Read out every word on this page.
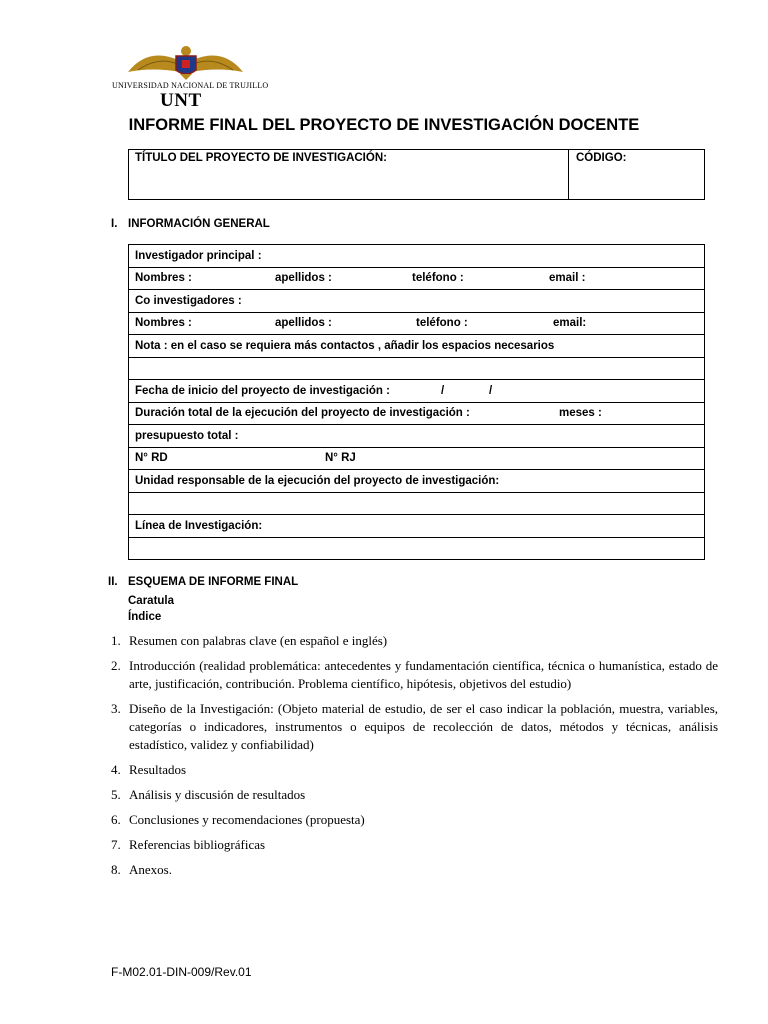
UNIVERSIDAD NACIONAL DE TRUJILLO
UNT
INFORME FINAL DEL PROYECTO DE INVESTIGACIÓN DOCENTE
TÍTULO DEL PROYECTO DE INVESTIGACIÓN:	CÓDIGO:
I. INFORMACIÓN GENERAL
Investigador principal :

Nombres :	apellidos :	teléfono :	email :

Co investigadores :

Nombres :	apellidos :	teléfono :	email:

Nota : en el caso se requiera más contactos , añadir los espacios necesarios

Fecha de inicio del proyecto de investigación :	/	/

Duración total de la ejecución del proyecto de investigación :	meses :

presupuesto total :

N° RD	N° RJ

Unidad responsable de la ejecución del proyecto de investigación:

Línea de Investigación:

II. ESQUEMA DE INFORME FINAL
Caratula
Índice
1. Resumen con palabras clave (en español e inglés)
2. Introducción (realidad problemática: antecedentes y fundamentación científica, técnica o humanística, estado de arte, justificación, contribución. Problema científico, hipótesis, objetivos del estudio)
3. Diseño de la Investigación: (Objeto material de estudio, de ser el caso indicar la población, muestra, variables, categorías o indicadores, instrumentos o equipos de recolección de datos, métodos y técnicas, análisis estadístico, validez y confiabilidad)
4. Resultados
5. Análisis y discusión de resultados
6. Conclusiones y recomendaciones (propuesta)
7. Referencias bibliográficas
8. Anexos.
F-M02.01-DIN-009/Rev.01
